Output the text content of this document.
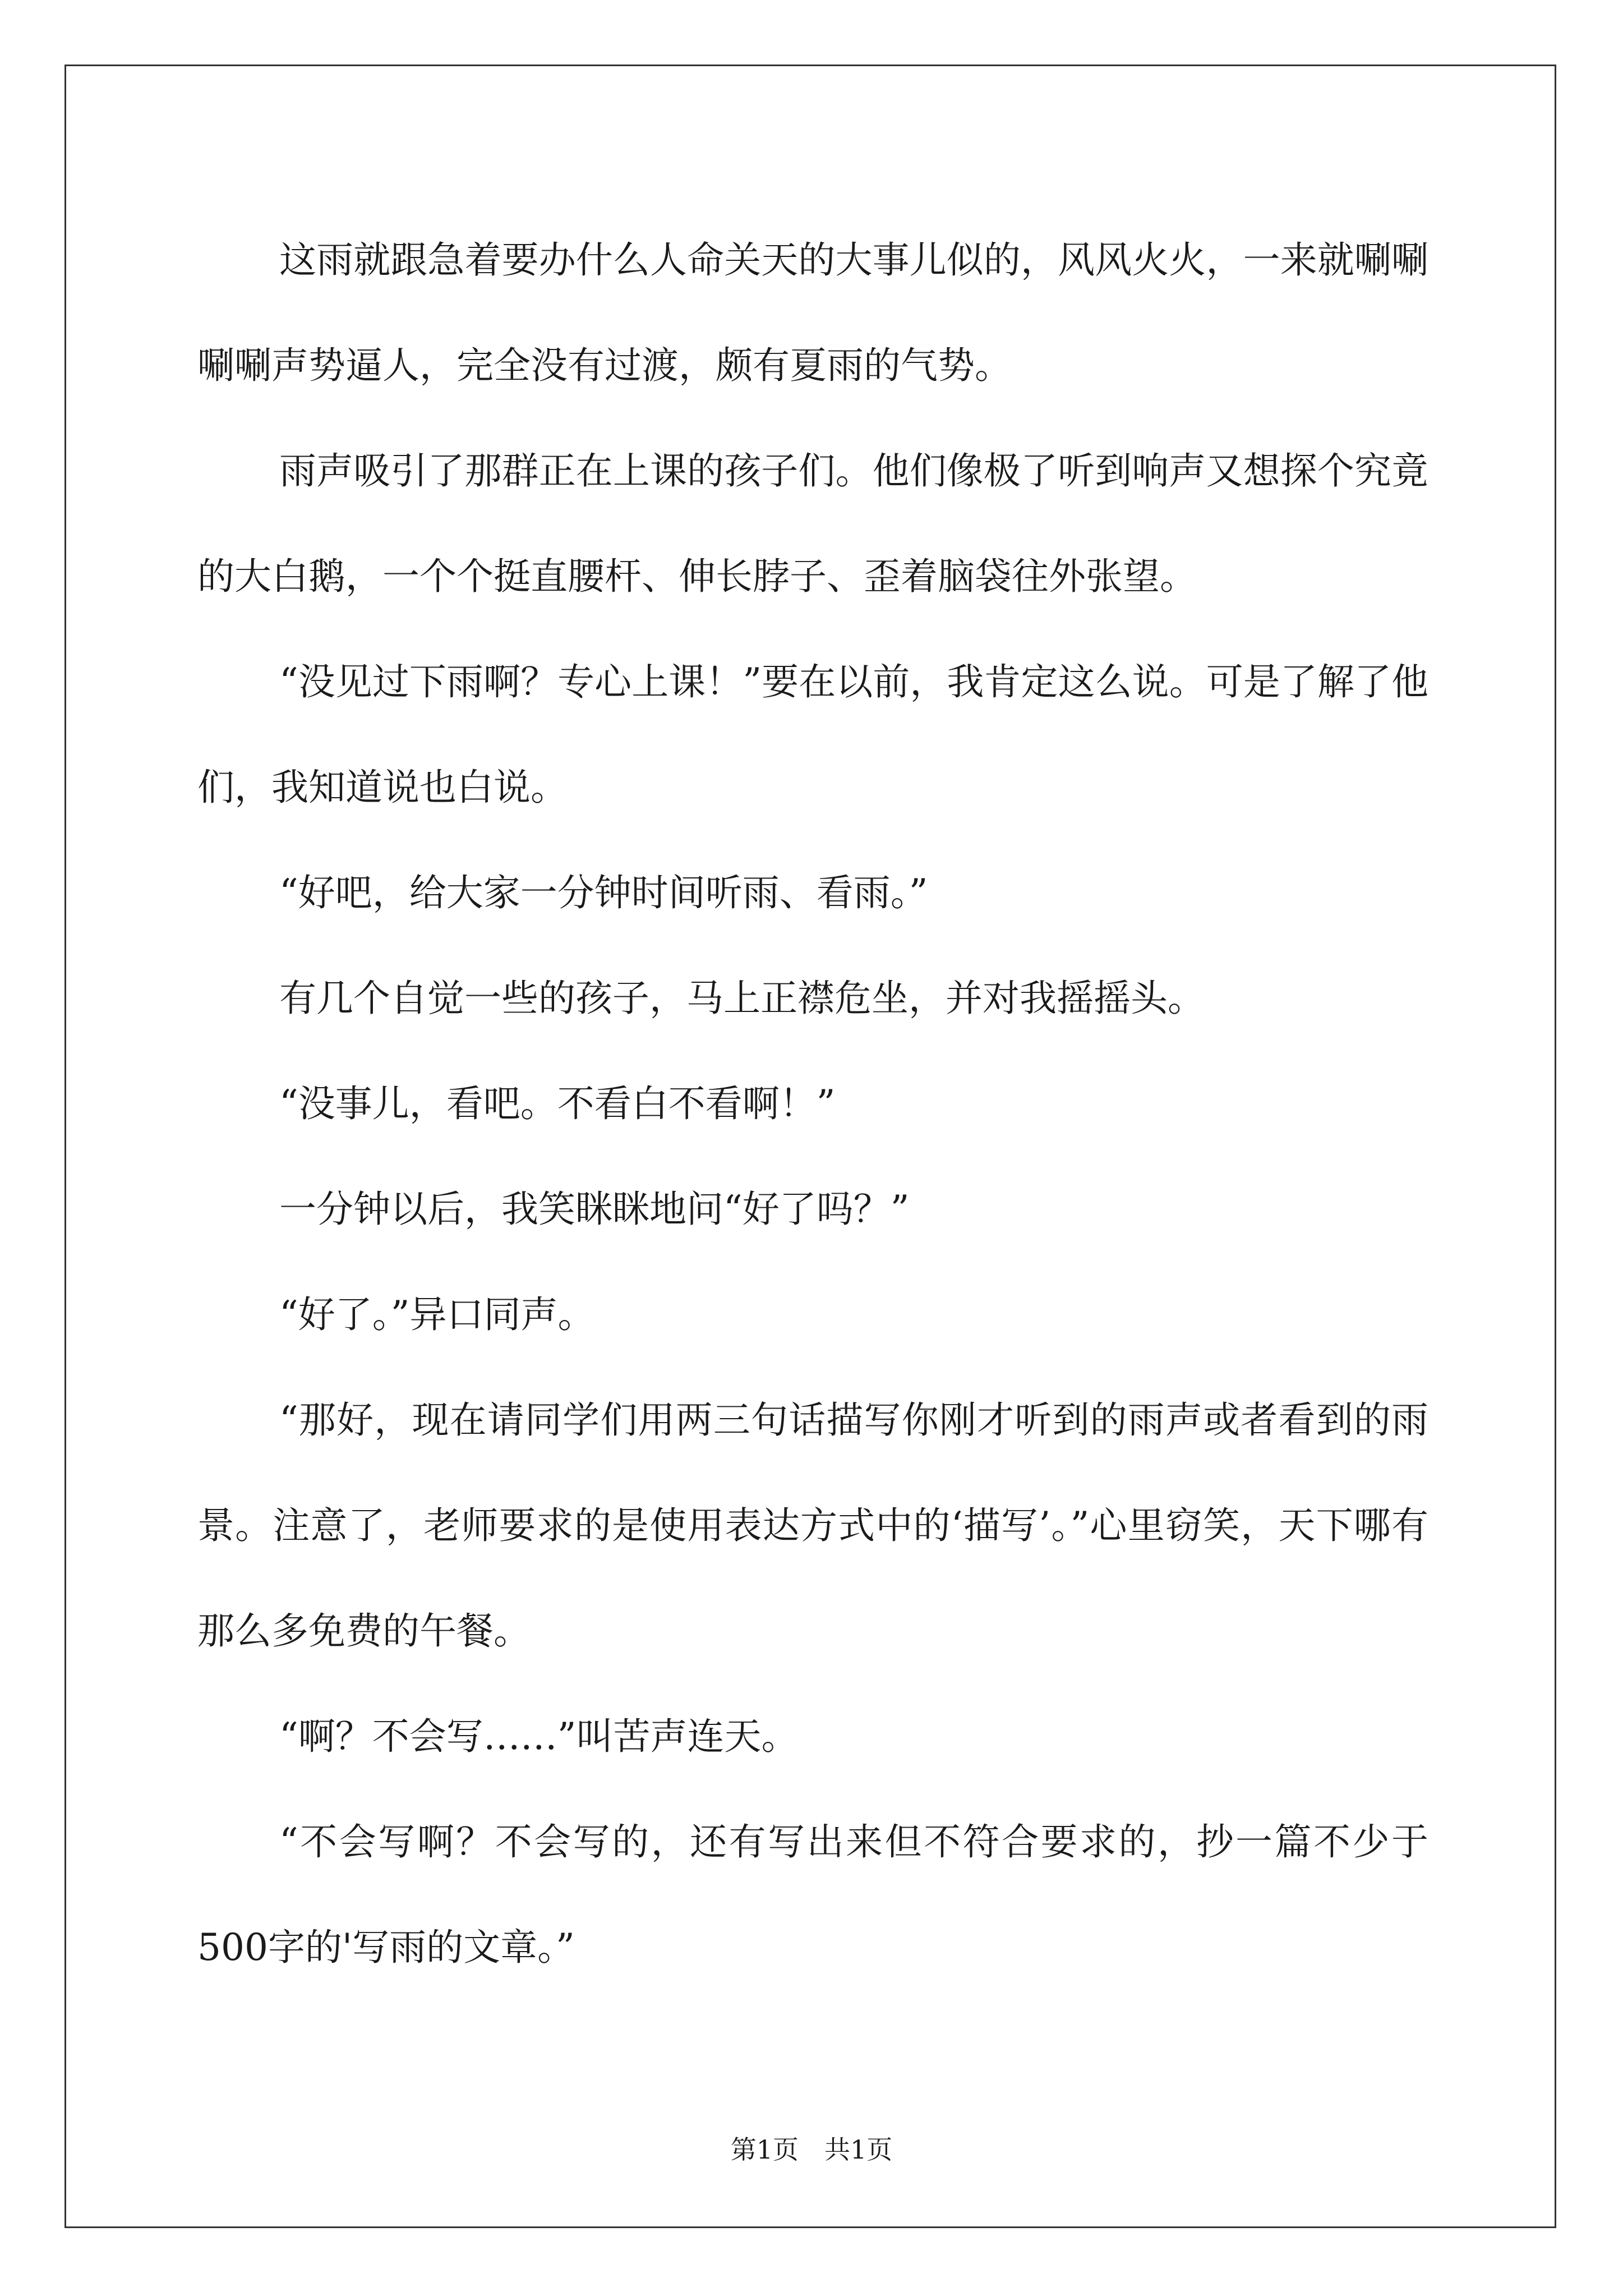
这雨就跟急着要办什么人命关天的大事儿似的，风风火火，一来就唰唰唰唰声势逼人，完全没有过渡，颇有夏雨的气势。

雨声吸引了那群正在上课的孩子们。他们像极了听到响声又想探个究竟的大白鹅，一个个挺直腰杆、伸长脖子、歪着脑袋往外张望。

“没见过下雨啊？专心上课！”要在以前，我肯定这么说。可是了解了他们，我知道说也白说。

“好吧，给大家一分钟时间听雨、看雨。”

有几个自觉一些的孩子，马上正襟危坐，并对我摇摇头。

“没事儿，看吧。不看白不看啊！”

一分钟以后，我笑眯眯地问“好了吗？”

“好了。”异口同声。

“那好，现在请同学们用两三句话描写你刚才听到的雨声或者看到的雨景。注意了，老师要求的是使用表达方式中的‘描写’。”心里窃笑，天下哪有那么多免费的午餐。

“啊？不会写……”叫苦声连天。

“不会写啊？不会写的，还有写出来但不符合要求的，抄一篇不少于500字的'写雨的文章。”

第1页　共1页
